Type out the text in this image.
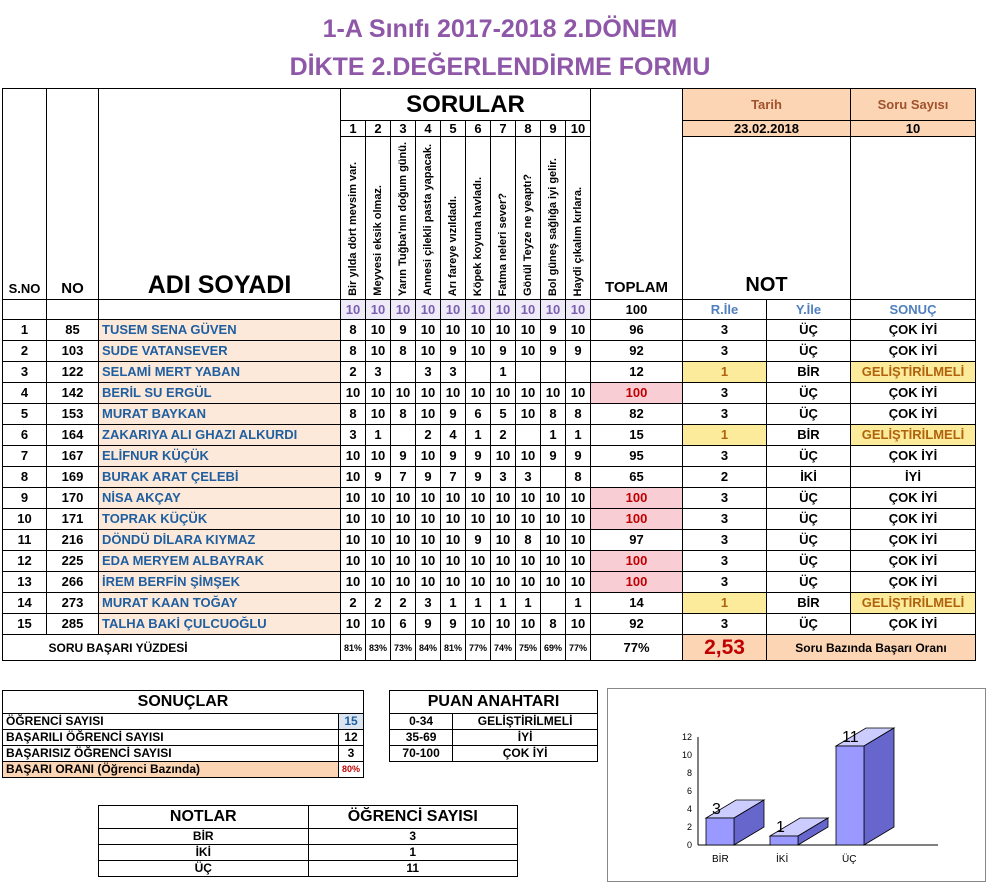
1-A Sınıfı 2017-2018 2.DÖNEM
DİKTE 2.DEĞERLENDİRME FORMU
S.NO	NO	ADI SOYADI	SORULAR										TOPLAM	Tarih		Soru Sayısı
			1	2	3	4	5	6	7	8	9	10		23.02.2018		10
			Bir yılda dört mevsim var.	Meyvesi eksik olmaz.	Yarın Tuğba'nın doğum günü.	Annesi çilekli pasta yapacak.	Arı fareye vızıldadı.	Köpek koyuna havladı.	Fatma neleri sever?	Gönül Teyze ne yeaptı?	Bol güneş sağlığa iyi gelir.	Haydi çıkalım kırlara.		NOT		
			10	10	10	10	10	10	10	10	10	10	100	R.İle	Y.İle	SONUÇ
1	85	TUSEM SENA GÜVEN	8	10	9	10	10	10	10	10	9	10	96	3	ÜÇ	ÇOK İYİ
2	103	SUDE VATANSEVER	8	10	8	10	9	10	9	10	9	9	92	3	ÜÇ	ÇOK İYİ
3	122	SELAMİ MERT YABAN	2	3		3	3		1				12	1	BİR	GELİŞTİRİLMELİ
4	142	BERİL SU ERGÜL	10	10	10	10	10	10	10	10	10	10	100	3	ÜÇ	ÇOK İYİ
5	153	MURAT BAYKAN	8	10	8	10	9	6	5	10	8	8	82	3	ÜÇ	ÇOK İYİ
6	164	ZAKARIYA ALI GHAZI ALKURDI	3	1		2	4	1	2		1	1	15	1	BİR	GELİŞTİRİLMELİ
7	167	ELİFNUR KÜÇÜK	10	10	9	10	9	9	10	10	9	9	95	3	ÜÇ	ÇOK İYİ
8	169	BURAK ARAT ÇELEBİ	10	9	7	9	7	9	3	3		8	65	2	İKİ	İYİ
9	170	NİSA AKÇAY	10	10	10	10	10	10	10	10	10	10	100	3	ÜÇ	ÇOK İYİ
10	171	TOPRAK KÜÇÜK	10	10	10	10	10	10	10	10	10	10	100	3	ÜÇ	ÇOK İYİ
11	216	DÖNDÜ DİLARA KIYMAZ	10	10	10	10	10	9	10	8	10	10	97	3	ÜÇ	ÇOK İYİ
12	225	EDA MERYEM ALBAYRAK	10	10	10	10	10	10	10	10	10	10	100	3	ÜÇ	ÇOK İYİ
13	266	İREM BERFİN ŞİMŞEK	10	10	10	10	10	10	10	10	10	10	100	3	ÜÇ	ÇOK İYİ
14	273	MURAT KAAN TOĞAY	2	2	2	3	1	1	1	1		1	14	1	BİR	GELİŞTİRİLMELİ
15	285	TALHA BAKİ ÇULCUOĞLU	10	10	6	9	9	10	10	10	8	10	92	3	ÜÇ	ÇOK İYİ
	SORU BAŞARI YÜZDESİ		81%	83%	73%	84%	81%	77%	74%	75%	69%	77%	77%	2,53	Soru Bazında Başarı Oranı	
SONUÇLAR	
ÖĞRENCİ SAYISI	15
BAŞARILI ÖĞRENCİ SAYISI	12
BAŞARISIZ ÖĞRENCİ SAYISI	3
BAŞARI ORANI (Öğrenci Bazında)	80%
PUAN ANAHTARI	
0-34	GELİŞTİRİLMELİ
35-69	İYİ
70-100	ÇOK İYİ
NOTLAR	ÖĞRENCİ SAYISI
BİR	3
İKİ	1
ÜÇ	11
0
2
4
6
8
10
12
3
BİR
1
İKİ
11
ÜÇ
